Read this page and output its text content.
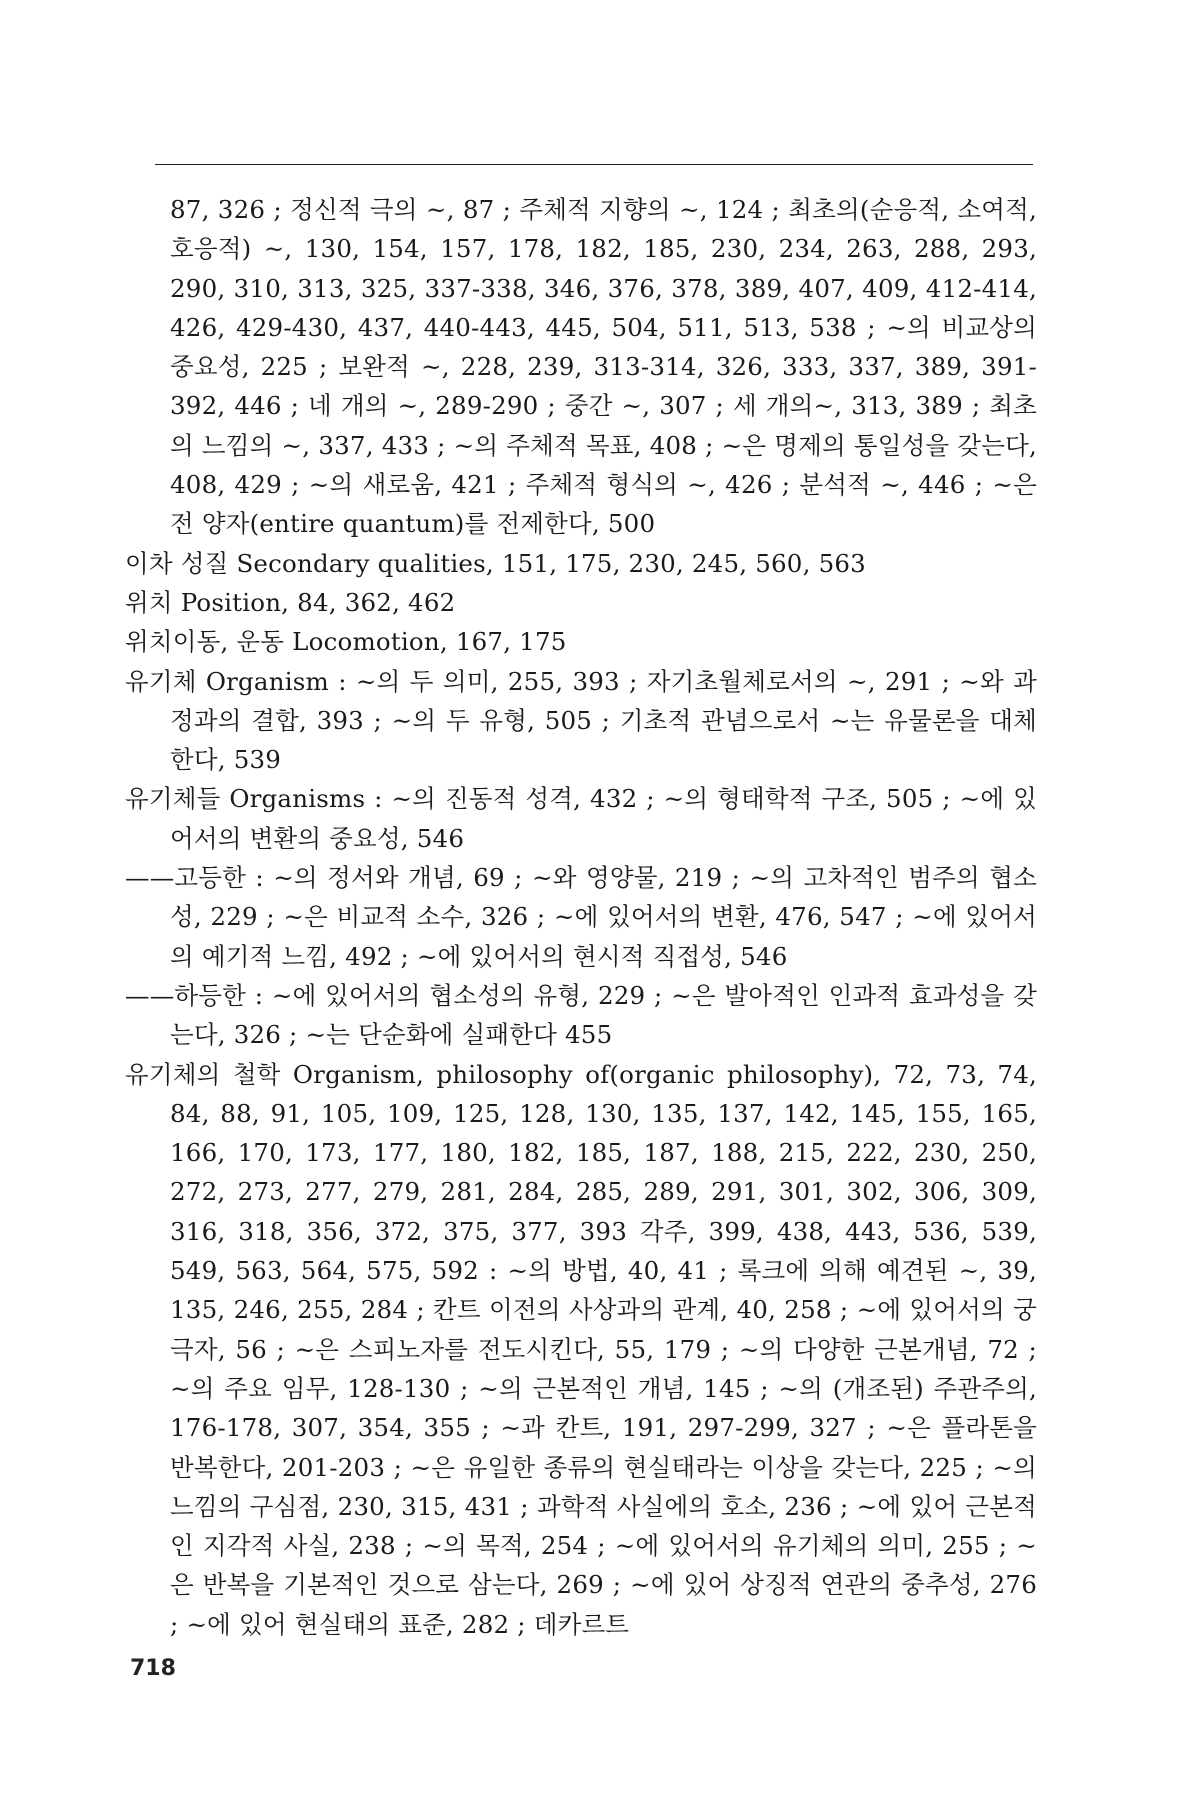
87, 326 ; 정신적 극의 ~, 87 ; 주체적 지향의 ~, 124 ; 최초의(순응적, 소여적, 호응적) ~, 130, 154, 157, 178, 182, 185, 230, 234, 263, 288, 293, 290, 310, 313, 325, 337-338, 346, 376, 378, 389, 407, 409, 412-414, 426, 429-430, 437, 440-443, 445, 504, 511, 513, 538 ; ~의 비교상의 중요성, 225 ; 보완적 ~, 228, 239, 313-314, 326, 333, 337, 389, 391-392, 446 ; 네 개의 ~, 289-290 ; 중간 ~, 307 ; 세 개의~, 313, 389 ; 최초의 느낌의 ~, 337, 433 ; ~의 주체적 목표, 408 ; ~은 명제의 통일성을 갖는다, 408, 429 ; ~의 새로움, 421 ; 주체적 형식의 ~, 426 ; 분석적 ~, 446 ; ~은 전 양자(entire quantum)를 전제한다, 500

이차 성질 Secondary qualities, 151, 175, 230, 245, 560, 563

위치 Position, 84, 362, 462

위치이동, 운동 Locomotion, 167, 175

유기체 Organism : ~의 두 의미, 255, 393 ; 자기초월체로서의 ~, 291 ; ~와 과정과의 결합, 393 ; ~의 두 유형, 505 ; 기초적 관념으로서 ~는 유물론을 대체한다, 539

유기체들 Organisms : ~의 진동적 성격, 432 ; ~의 형태학적 구조, 505 ; ~에 있어서의 변환의 중요성, 546

——고등한 : ~의 정서와 개념, 69 ; ~와 영양물, 219 ; ~의 고차적인 범주의 협소성, 229 ; ~은 비교적 소수, 326 ; ~에 있어서의 변환, 476, 547 ; ~에 있어서의 예기적 느낌, 492 ; ~에 있어서의 현시적 직접성, 546

——하등한 : ~에 있어서의 협소성의 유형, 229 ; ~은 발아적인 인과적 효과성을 갖는다, 326 ; ~는 단순화에 실패한다 455

유기체의 철학 Organism, philosophy of(organic philosophy), 72, 73, 74, 84, 88, 91, 105, 109, 125, 128, 130, 135, 137, 142, 145, 155, 165, 166, 170, 173, 177, 180, 182, 185, 187, 188, 215, 222, 230, 250, 272, 273, 277, 279, 281, 284, 285, 289, 291, 301, 302, 306, 309, 316, 318, 356, 372, 375, 377, 393 각주, 399, 438, 443, 536, 539, 549, 563, 564, 575, 592 : ~의 방법, 40, 41 ; 록크에 의해 예견된 ~, 39, 135, 246, 255, 284 ; 칸트 이전의 사상과의 관계, 40, 258 ; ~에 있어서의 궁극자, 56 ; ~은 스피노자를 전도시킨다, 55, 179 ; ~의 다양한 근본개념, 72 ; ~의 주요 임무, 128-130 ; ~의 근본적인 개념, 145 ; ~의 (개조된) 주관주의, 176-178, 307, 354, 355 ; ~과 칸트, 191, 297-299, 327 ; ~은 플라톤을 반복한다, 201-203 ; ~은 유일한 종류의 현실태라는 이상을 갖는다, 225 ; ~의 느낌의 구심점, 230, 315, 431 ; 과학적 사실에의 호소, 236 ; ~에 있어 근본적인 지각적 사실, 238 ; ~의 목적, 254 ; ~에 있어서의 유기체의 의미, 255 ; ~은 반복을 기본적인 것으로 삼는다, 269 ; ~에 있어 상징적 연관의 중추성, 276 ; ~에 있어 현실태의 표준, 282 ; 데카르트

718
